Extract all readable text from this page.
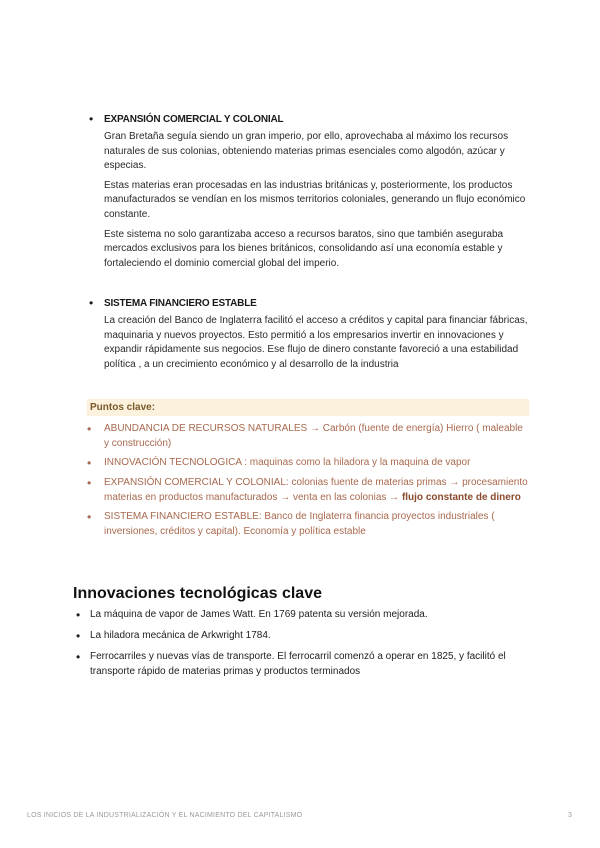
•	EXPANSIÓN COMERCIAL Y COLONIAL

Gran Bretaña seguía siendo un gran imperio, por ello, aprovechaba al máximo los recursos naturales de sus colonias, obteniendo materias primas esenciales como algodón, azúcar y especias.

Estas materias eran procesadas en las industrias británicas y, posteriormente, los productos manufacturados se vendían en los mismos territorios coloniales, generando un flujo económico constante.

Este sistema no solo garantizaba acceso a recursos baratos, sino que también aseguraba mercados exclusivos para los bienes británicos, consolidando así una economía estable y fortaleciendo el dominio comercial global del imperio.

•	SISTEMA FINANCIERO ESTABLE

La creación del Banco de Inglaterra facilitó el acceso a créditos y capital para financiar fábricas, maquinaria y nuevos proyectos. Esto permitió a los empresarios invertir en innovaciones y expandir rápidamente sus negocios. Ese flujo de dinero constante favoreció a una estabilidad política , a un crecimiento económico y al desarrollo de la industria

Puntos clave:
•	ABUNDANCIA DE RECURSOS NATURALES → Carbón (fuente de energía) Hierro ( maleable y construcción)
•	INNOVACIÓN TECNOLOGICA : maquinas como la hiladora y la maquina de vapor
•	EXPANSIÓN COMERCIAL Y COLONIAL: colonias fuente de materias primas → procesamiento materias en productos manufacturados → venta en las colonias → flujo constante de dinero
•	SISTEMA FINANCIERO ESTABLE: Banco de Inglaterra financia proyectos industriales ( inversiones, créditos y capital). Economía y política estable
Innovaciones tecnológicas clave
• La máquina de vapor de James Watt. En 1769 patenta su versión mejorada.
• La hiladora mecánica de Arkwright 1784.
• Ferrocarriles y nuevas vías de transporte. El ferrocarril comenzó a operar en 1825, y facilitó el transporte rápido de materias primas y productos terminados
LOS INICIOS DE LA INDUSTRIALIZACIÓN Y EL NACIMIENTO DEL CAPITALISMO	3
